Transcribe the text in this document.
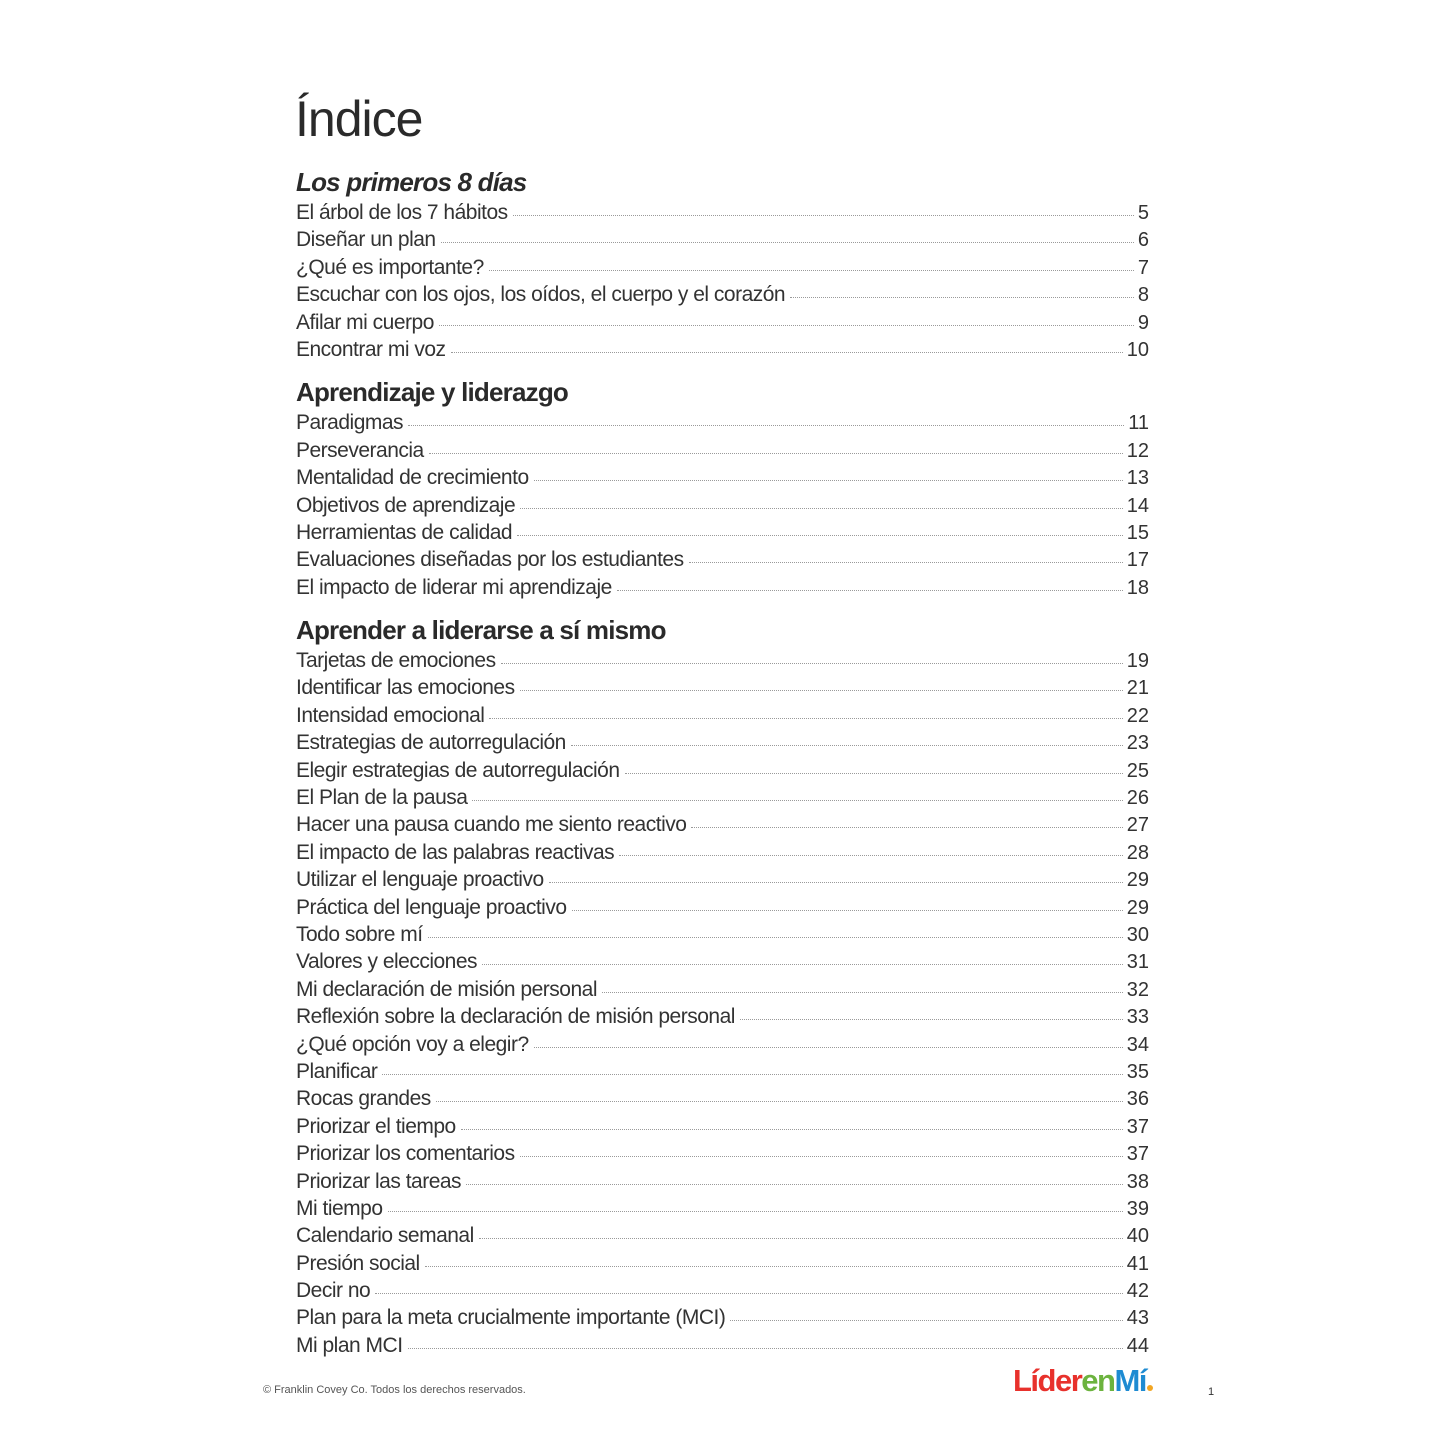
Índice
Los primeros 8 días
El árbol de los 7 hábitos	5
Diseñar un plan	6
¿Qué es importante?	7
Escuchar con los ojos, los oídos, el cuerpo y el corazón	8
Afilar mi cuerpo	9
Encontrar mi voz	10
Aprendizaje y liderazgo
Paradigmas	11
Perseverancia	12
Mentalidad de crecimiento	13
Objetivos de aprendizaje	14
Herramientas de calidad	15
Evaluaciones diseñadas por los estudiantes	17
El impacto de liderar mi aprendizaje	18
Aprender a liderarse a sí mismo
Tarjetas de emociones	19
Identificar las emociones	21
Intensidad emocional	22
Estrategias de autorregulación	23
Elegir estrategias de autorregulación	25
El Plan de la pausa	26
Hacer una pausa cuando me siento reactivo	27
El impacto de las palabras reactivas	28
Utilizar el lenguaje proactivo	29
Práctica del lenguaje proactivo	29
Todo sobre mí	30
Valores y elecciones	31
Mi declaración de misión personal	32
Reflexión sobre la declaración de misión personal	33
¿Qué opción voy a elegir?	34
Planificar	35
Rocas grandes	36
Priorizar el tiempo	37
Priorizar los comentarios	37
Priorizar las tareas	38
Mi tiempo	39
Calendario semanal	40
Presión social	41
Decir no	42
Plan para la meta crucialmente importante (MCI)	43
Mi plan MCI	44
© Franklin Covey Co. Todos los derechos reservados.	LíderenMí	1
